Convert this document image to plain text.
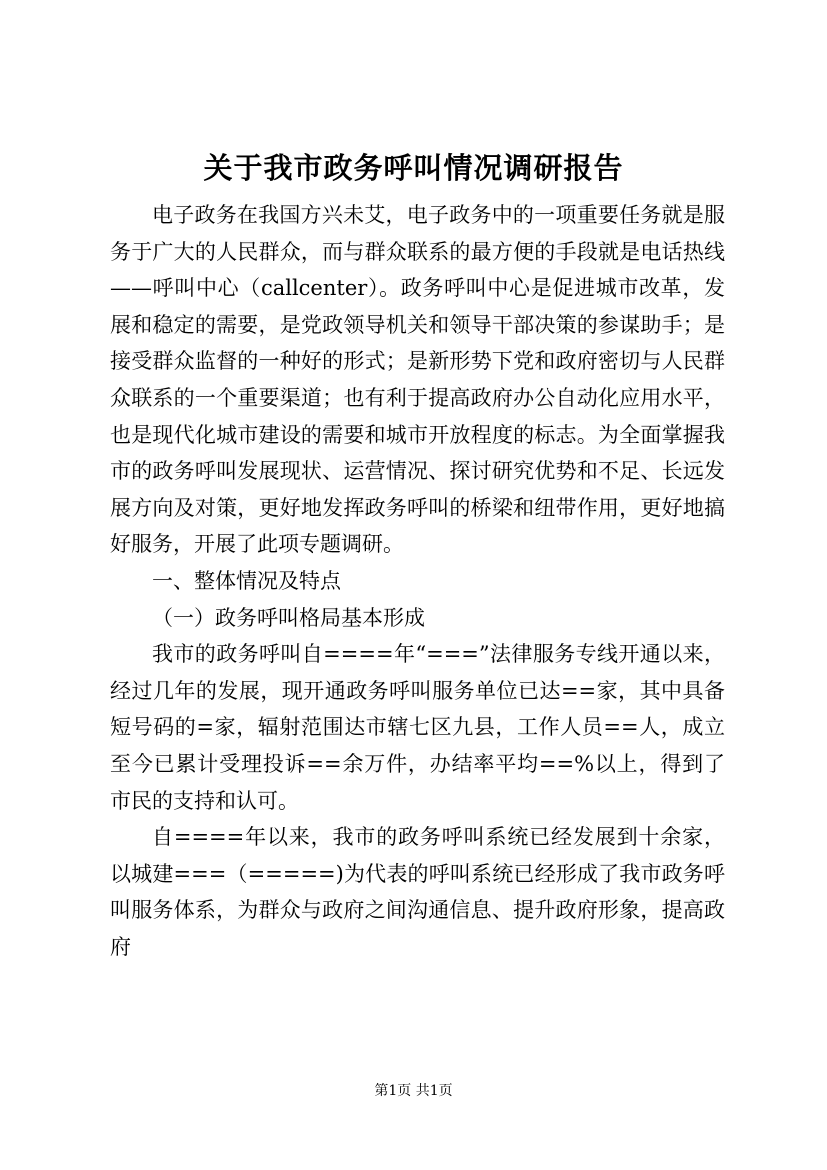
关于我市政务呼叫情况调研报告

电子政务在我国方兴未艾，电子政务中的一项重要任务就是服务于广大的人民群众，而与群众联系的最方便的手段就是电话热线——呼叫中心（callcenter）。政务呼叫中心是促进城市改革，发展和稳定的需要，是党政领导机关和领导干部决策的参谋助手；是接受群众监督的一种好的形式；是新形势下党和政府密切与人民群众联系的一个重要渠道；也有利于提高政府办公自动化应用水平，也是现代化城市建设的需要和城市开放程度的标志。为全面掌握我市的政务呼叫发展现状、运营情况、探讨研究优势和不足、长远发展方向及对策，更好地发挥政务呼叫的桥梁和纽带作用，更好地搞好服务，开展了此项专题调研。

一、整体情况及特点

（一）政务呼叫格局基本形成

我市的政务呼叫自====年“===”法律服务专线开通以来，经过几年的发展，现开通政务呼叫服务单位已达==家，其中具备短号码的=家，辐射范围达市辖七区九县，工作人员==人，成立至今已累计受理投诉==余万件，办结率平均==%以上，得到了市民的支持和认可。

自====年以来，我市的政务呼叫系统已经发展到十余家，以城建===（=====)为代表的呼叫系统已经形成了我市政务呼叫服务体系，为群众与政府之间沟通信息、提升政府形象，提高政府

第1页 共1页
